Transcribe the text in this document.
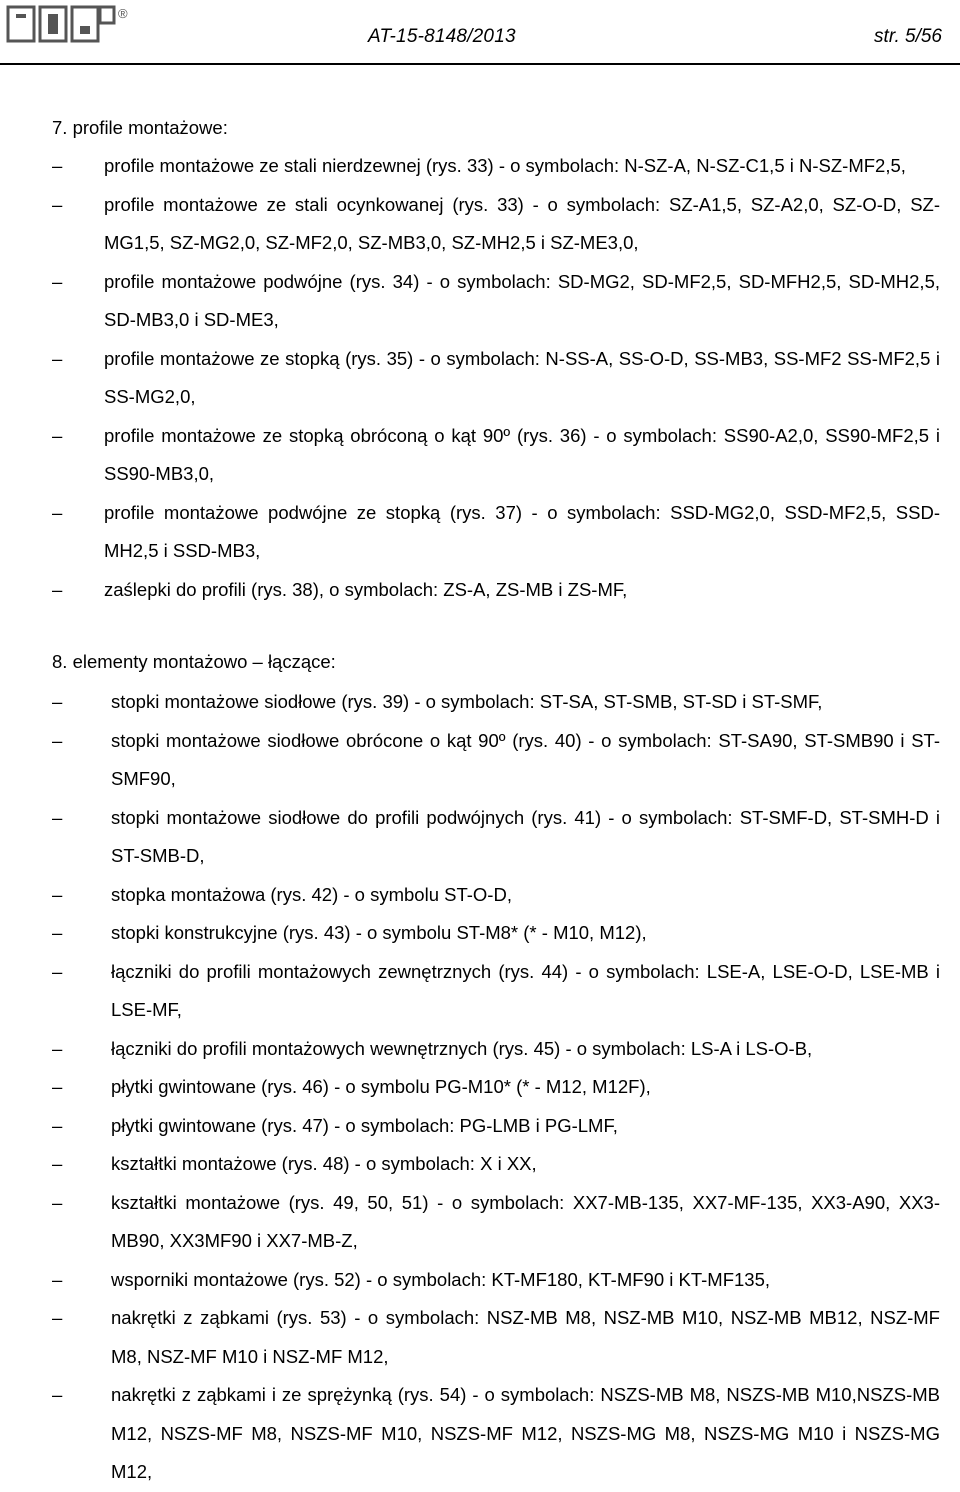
®
AT-15-8148/2013	str. 5/56
7. profile montażowe:
– profile montażowe ze stali nierdzewnej (rys. 33) - o symbolach: N-SZ-A, N-SZ-C1,5 i N-SZ-MF2,5,
– profile montażowe ze stali ocynkowanej (rys. 33) - o symbolach: SZ-A1,5, SZ-A2,0, SZ-O-D, SZ-MG1,5, SZ-MG2,0, SZ-MF2,0, SZ-MB3,0, SZ-MH2,5 i SZ-ME3,0,
– profile montażowe podwójne (rys. 34) - o symbolach: SD-MG2, SD-MF2,5, SD-MFH2,5, SD-MH2,5, SD-MB3,0 i SD-ME3,
– profile montażowe ze stopką (rys. 35) - o symbolach: N-SS-A, SS-O-D, SS-MB3, SS-MF2 SS-MF2,5 i SS-MG2,0,
– profile montażowe ze stopką obróconą o kąt 90º (rys. 36) - o symbolach: SS90-A2,0, SS90-MF2,5 i SS90-MB3,0,
– profile montażowe podwójne ze stopką (rys. 37) - o symbolach: SSD-MG2,0, SSD-MF2,5, SSD-MH2,5 i SSD-MB3,
– zaślepki do profili (rys. 38), o symbolach: ZS-A, ZS-MB i ZS-MF,
8. elementy montażowo – łączące:
–	stopki montażowe siodłowe (rys. 39) - o symbolach: ST-SA, ST-SMB, ST-SD i ST-SMF,
–	stopki montażowe siodłowe obrócone o kąt 90º (rys. 40) - o symbolach: ST-SA90, ST-SMB90 i ST-SMF90,
–	stopki montażowe siodłowe do profili podwójnych (rys. 41) - o symbolach: ST-SMF-D, ST-SMH-D i ST-SMB-D,
–	stopka montażowa (rys. 42) - o symbolu ST-O-D,
–	stopki konstrukcyjne (rys. 43) - o symbolu ST-M8* (* - M10, M12),
–	łączniki do profili montażowych zewnętrznych (rys. 44) - o symbolach: LSE-A, LSE-O-D, LSE-MB i LSE-MF,
–	łączniki do profili montażowych wewnętrznych (rys. 45) - o symbolach: LS-A i LS-O-B,
–	płytki gwintowane (rys. 46) - o symbolu PG-M10* (* - M12, M12F),
–	płytki gwintowane (rys. 47) - o symbolach: PG-LMB i PG-LMF,
–	kształtki montażowe (rys. 48) - o symbolach: X i XX,
–	kształtki montażowe (rys. 49, 50, 51) - o symbolach: XX7-MB-135, XX7-MF-135, XX3-A90, XX3-MB90, XX3MF90 i XX7-MB-Z,
–	wsporniki montażowe (rys. 52) - o symbolach: KT-MF180, KT-MF90 i KT-MF135,
–	nakrętki z ząbkami (rys. 53) - o symbolach: NSZ-MB M8, NSZ-MB M10, NSZ-MB MB12, NSZ-MF M8, NSZ-MF M10 i NSZ-MF M12,
–	nakrętki z ząbkami i ze sprężynką (rys. 54) - o symbolach: NSZS-MB M8, NSZS-MB M10,NSZS-MB M12, NSZS-MF M8, NSZS-MF M10, NSZS-MF M12, NSZS-MG M8, NSZS-MG M10 i NSZS-MG M12,
